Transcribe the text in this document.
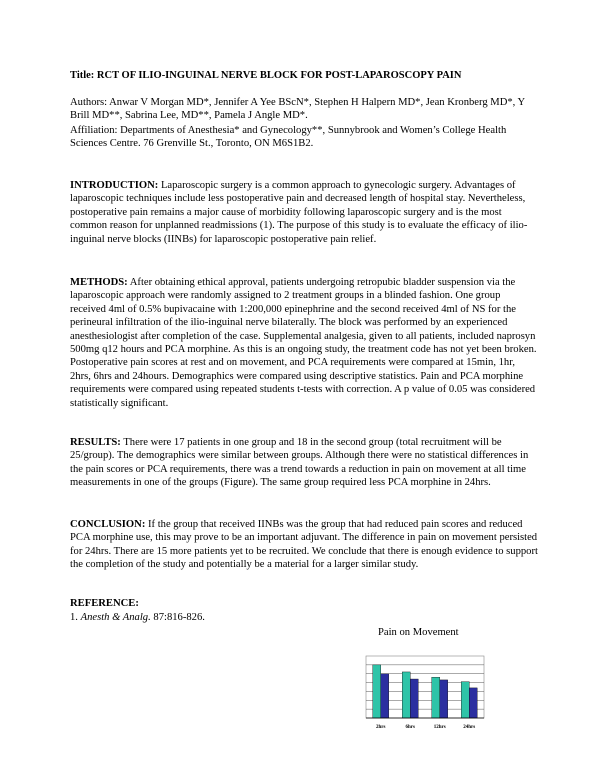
Title: RCT OF ILIO-INGUINAL NERVE BLOCK FOR POST-LAPAROSCOPY PAIN
Authors: Anwar V Morgan MD*, Jennifer A Yee BScN*, Stephen H Halpern MD*, Jean Kronberg MD*, Y Brill MD**, Sabrina Lee, MD**, Pamela J Angle MD*.
Affiliation: Departments of Anesthesia* and Gynecology**, Sunnybrook and Women’s College Health Sciences Centre. 76 Grenville St., Toronto, ON M6S1B2.
INTRODUCTION: Laparoscopic surgery is a common approach to gynecologic surgery. Advantages of laparoscopic techniques include less postoperative pain and decreased length of hospital stay. Nevertheless, postoperative pain remains a major cause of morbidity following laparoscopic surgery and is the most common reason for unplanned readmissions (1). The purpose of this study is to evaluate the efficacy of ilio-inguinal nerve blocks (IINBs) for laparoscopic postoperative pain relief.
METHODS: After obtaining ethical approval, patients undergoing retropubic bladder suspension via the laparoscopic approach were randomly assigned to 2 treatment groups in a blinded fashion. One group received 4ml of 0.5% bupivacaine with 1:200,000 epinephrine and the second received 4ml of NS for the perineural infiltration of the ilio-inguinal nerve bilaterally. The block was performed by an experienced anesthesiologist after completion of the case. Supplemental analgesia, given to all patients, included naprosyn 500mg q12 hours and PCA morphine. As this is an ongoing study, the treatment code has not yet been broken. Postoperative pain scores at rest and on movement, and PCA requirements were compared at 15min, 1hr, 2hrs, 6hrs and 24hours. Demographics were compared using descriptive statistics. Pain and PCA morphine requirements were compared using repeated students t-tests with correction. A p value of 0.05 was considered statistically significant.
RESULTS: There were 17 patients in one group and 18 in the second group (total recruitment will be 25/group). The demographics were similar between groups. Although there were no statistical differences in the pain scores or PCA requirements, there was a trend towards a reduction in pain on movement at all time measurements in one of the groups (Figure). The same group required less PCA morphine in 24hrs.
CONCLUSION: If the group that received IINBs was the group that had reduced pain scores and reduced PCA morphine use, this may prove to be an important adjuvant. The difference in pain on movement persisted for 24hrs. There are 15 more patients yet to be recruited. We conclude that there is enough evidence to support the completion of the study and potentially be a material for a larger similar study.
REFERENCE:
1. Anesth & Analg. 87:816-826.
Pain on Movement
2hrs	6hrs	12hrs	24hrs
